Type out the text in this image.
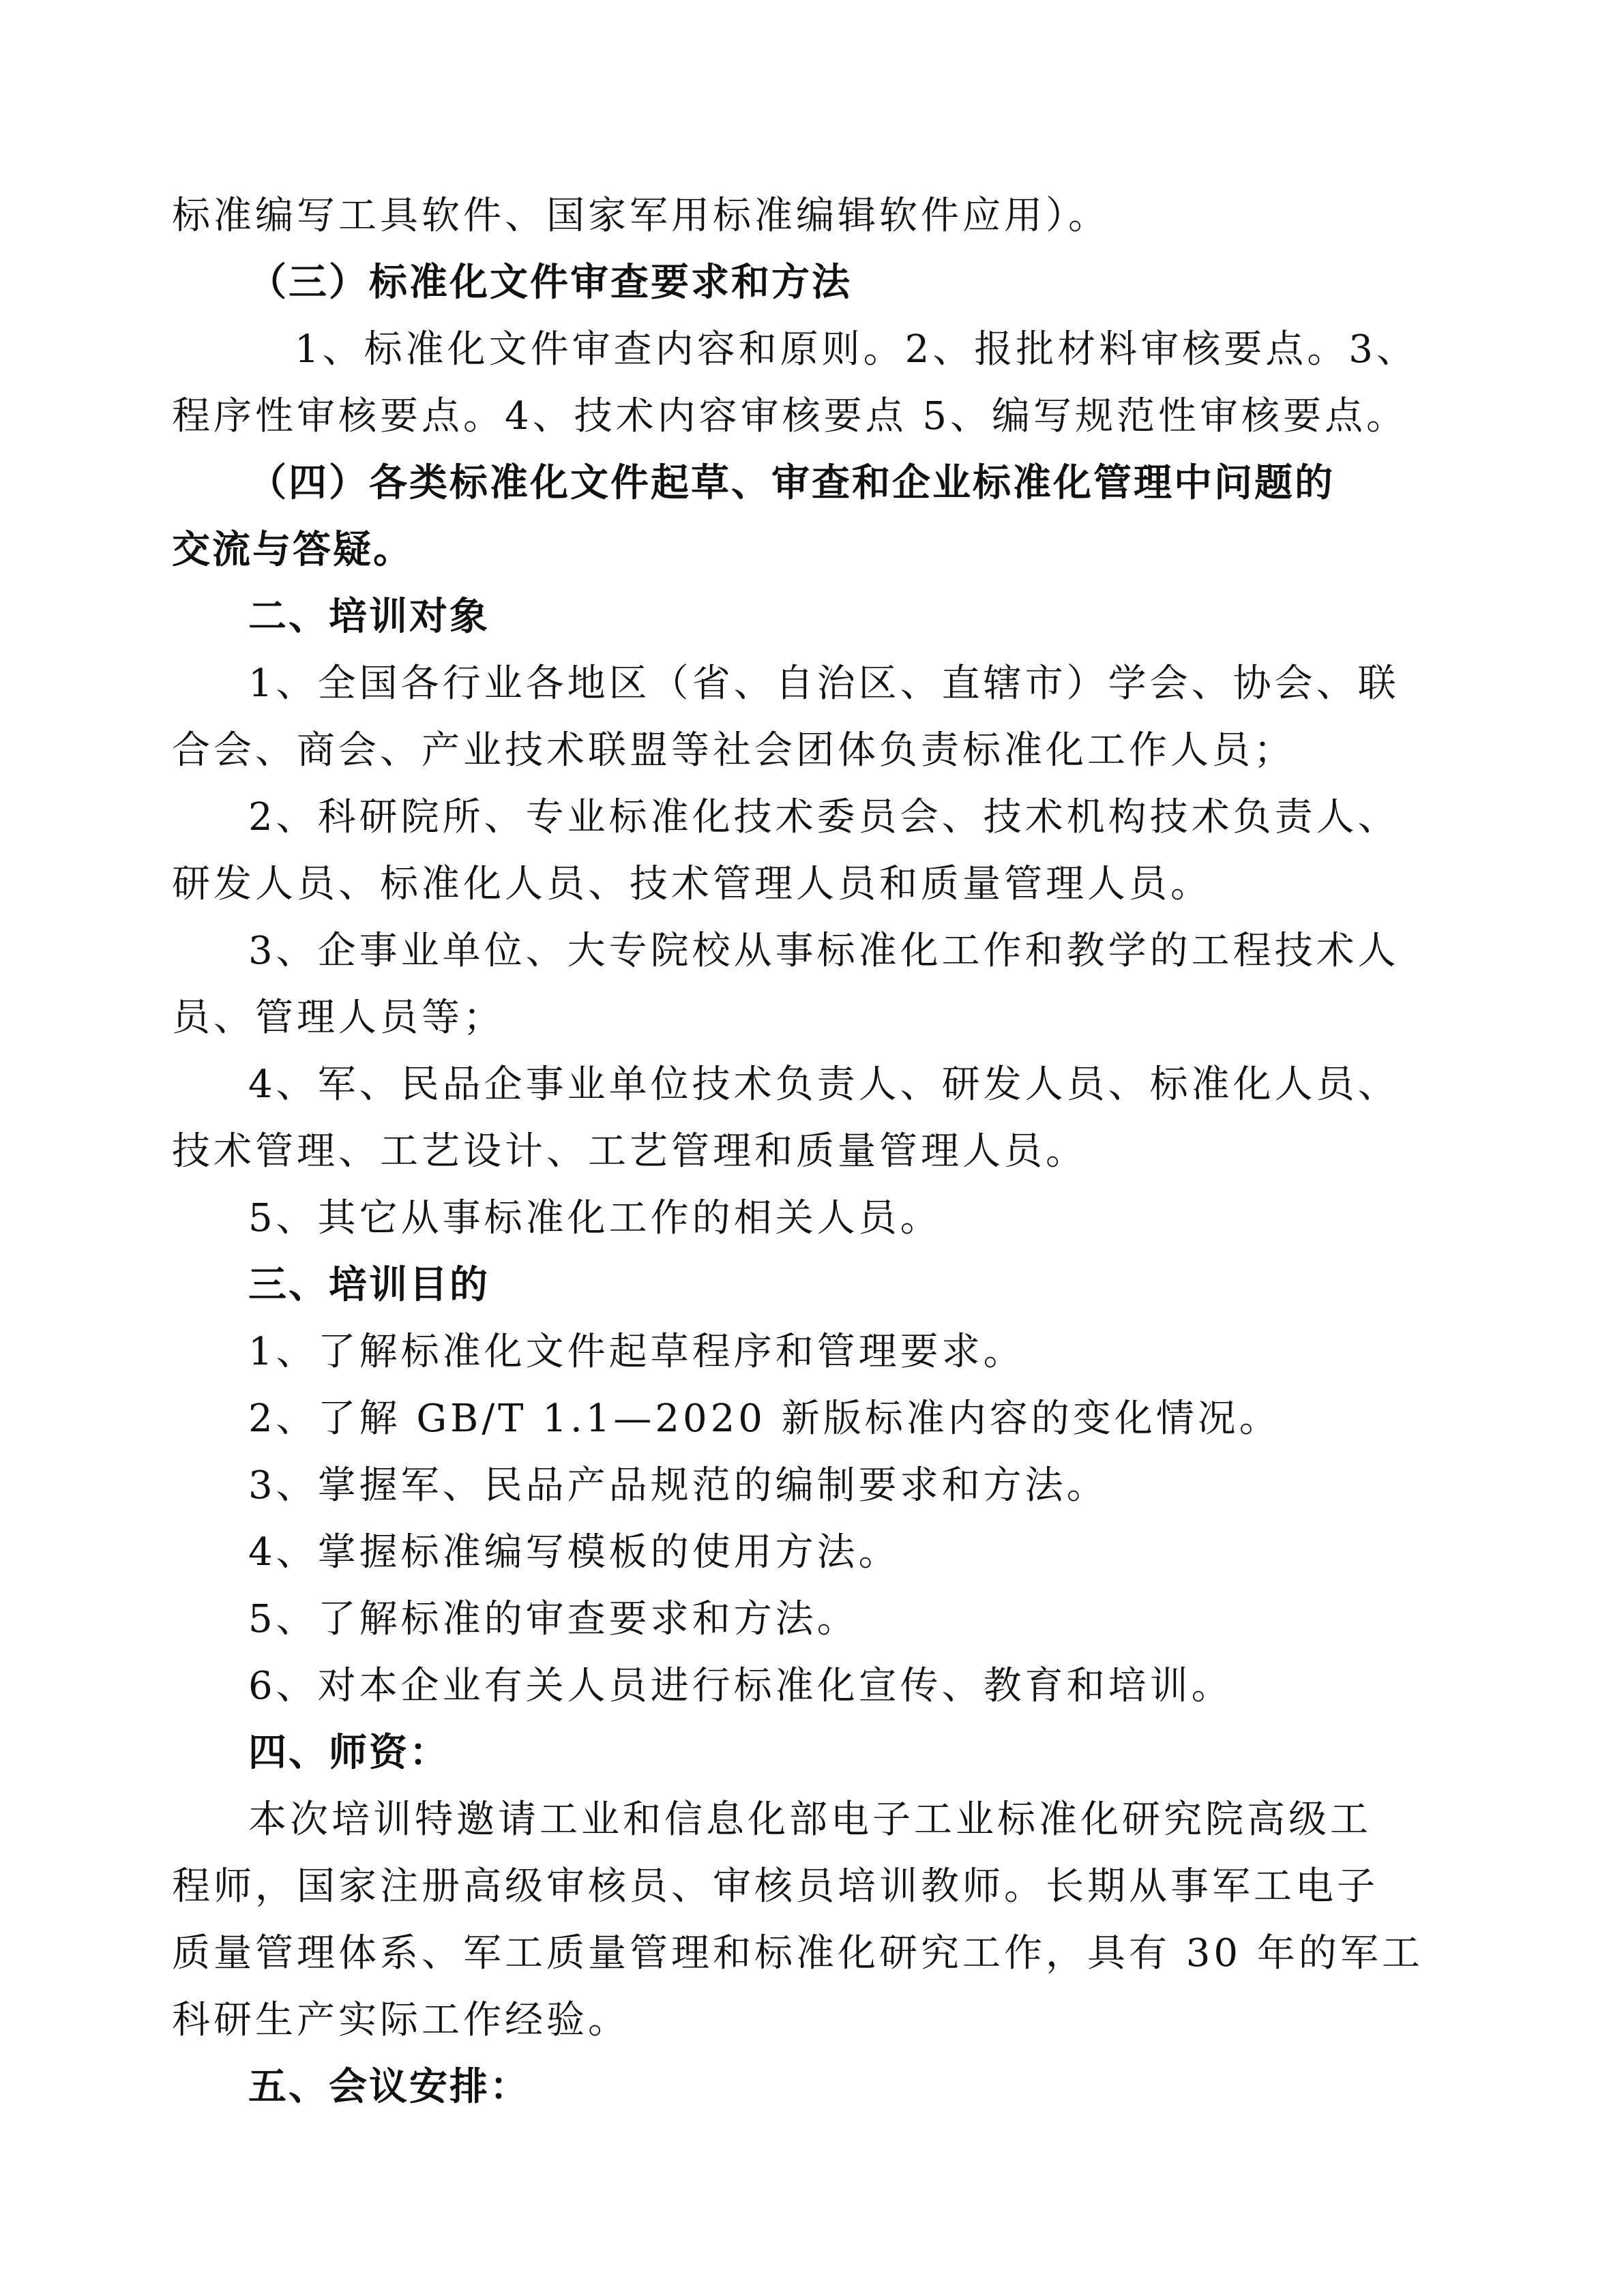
标准编写工具软件、国家军用标准编辑软件应用）。
（三）标准化文件审查要求和方法
1、标准化文件审查内容和原则。2、报批材料审核要点。3、
程序性审核要点。4、技术内容审核要点 5、编写规范性审核要点。
（四）各类标准化文件起草、审查和企业标准化管理中问题的
交流与答疑。
二、培训对象
1、全国各行业各地区（省、自治区、直辖市）学会、协会、联
合会、商会、产业技术联盟等社会团体负责标准化工作人员；
2、科研院所、专业标准化技术委员会、技术机构技术负责人、
研发人员、标准化人员、技术管理人员和质量管理人员。
3、企事业单位、大专院校从事标准化工作和教学的工程技术人
员、管理人员等；
4、军、民品企事业单位技术负责人、研发人员、标准化人员、
技术管理、工艺设计、工艺管理和质量管理人员。
5、其它从事标准化工作的相关人员。
三、培训目的
1、了解标准化文件起草程序和管理要求。
2、了解 GB/T 1.1—2020 新版标准内容的变化情况。
3、掌握军、民品产品规范的编制要求和方法。
4、掌握标准编写模板的使用方法。
5、了解标准的审查要求和方法。
6、对本企业有关人员进行标准化宣传、教育和培训。
四、师资：
本次培训特邀请工业和信息化部电子工业标准化研究院高级工
程师，国家注册高级审核员、审核员培训教师。长期从事军工电子
质量管理体系、军工质量管理和标准化研究工作，具有 30 年的军工
科研生产实际工作经验。
五、会议安排：
